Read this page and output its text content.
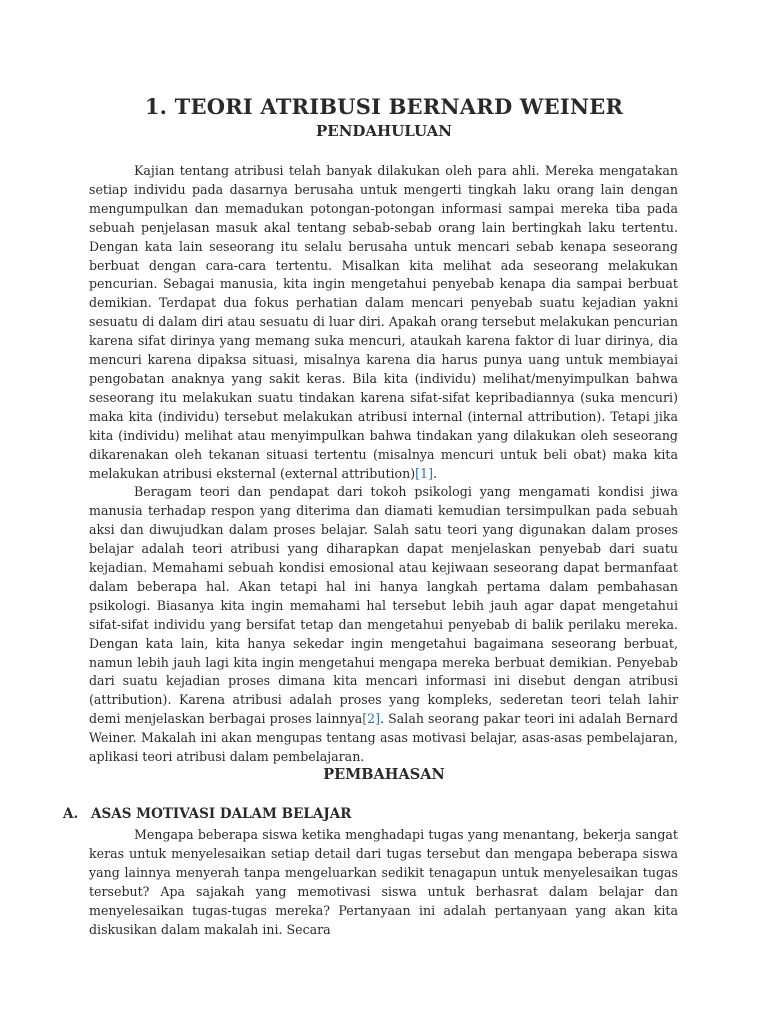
1. TEORI ATRIBUSI BERNARD WEINER
PENDAHULUAN

Kajian tentang atribusi telah banyak dilakukan oleh para ahli. Mereka mengatakan setiap individu pada dasarnya berusaha untuk mengerti tingkah laku orang lain dengan mengumpulkan dan memadukan potongan-potongan informasi sampai mereka tiba pada sebuah penjelasan masuk akal tentang sebab-sebab orang lain bertingkah laku tertentu. Dengan kata lain seseorang itu selalu berusaha untuk mencari sebab kenapa seseorang berbuat dengan cara-cara tertentu. Misalkan kita melihat ada seseorang melakukan pencurian. Sebagai manusia, kita ingin mengetahui penyebab kenapa dia sampai berbuat demikian. Terdapat dua fokus perhatian dalam mencari penyebab suatu kejadian yakni sesuatu di dalam diri atau sesuatu di luar diri. Apakah orang tersebut melakukan pencurian karena sifat dirinya yang memang suka mencuri, ataukah karena faktor di luar dirinya, dia mencuri karena dipaksa situasi, misalnya karena dia harus punya uang untuk membiayai pengobatan anaknya yang sakit keras. Bila kita (individu) melihat/menyimpulkan bahwa seseorang itu melakukan suatu tindakan karena sifat-sifat kepribadiannya (suka mencuri) maka kita (individu) tersebut melakukan atribusi internal (internal attribution). Tetapi jika kita (individu) melihat atau menyimpulkan bahwa tindakan yang dilakukan oleh seseorang dikarenakan oleh tekanan situasi tertentu (misalnya mencuri untuk beli obat) maka kita melakukan atribusi eksternal (external attribution)[1].

Beragam teori dan pendapat dari tokoh psikologi yang mengamati kondisi jiwa manusia terhadap respon yang diterima dan diamati kemudian tersimpulkan pada sebuah aksi dan diwujudkan dalam proses belajar. Salah satu teori yang digunakan dalam proses belajar adalah teori atribusi yang diharapkan dapat menjelaskan penyebab dari suatu kejadian. Memahami sebuah kondisi emosional atau kejiwaan seseorang dapat bermanfaat dalam beberapa hal. Akan tetapi hal ini hanya langkah pertama dalam pembahasan psikologi. Biasanya kita ingin memahami hal tersebut lebih jauh agar dapat mengetahui sifat-sifat individu yang bersifat tetap dan mengetahui penyebab di balik perilaku mereka. Dengan kata lain, kita hanya sekedar ingin mengetahui bagaimana seseorang berbuat, namun lebih jauh lagi kita ingin mengetahui mengapa mereka berbuat demikian. Penyebab dari suatu kejadian proses dimana kita mencari informasi ini disebut dengan atribusi (attribution). Karena atribusi adalah proses yang kompleks, sederetan teori telah lahir demi menjelaskan berbagai proses lainnya[2]. Salah seorang pakar teori ini adalah Bernard Weiner. Makalah ini akan mengupas tentang asas motivasi belajar, asas-asas pembelajaran, aplikasi teori atribusi dalam pembelajaran.

PEMBAHASAN
A. ASAS MOTIVASI DALAM BELAJAR

Mengapa beberapa siswa ketika menghadapi tugas yang menantang, bekerja sangat keras untuk menyelesaikan setiap detail dari tugas tersebut dan mengapa beberapa siswa yang lainnya menyerah tanpa mengeluarkan sedikit tenagapun untuk menyelesaikan tugas tersebut? Apa sajakah yang memotivasi siswa untuk berhasrat dalam belajar dan menyelesaikan tugas-tugas mereka? Pertanyaan ini adalah pertanyaan yang akan kita diskusikan dalam makalah ini. Secara
